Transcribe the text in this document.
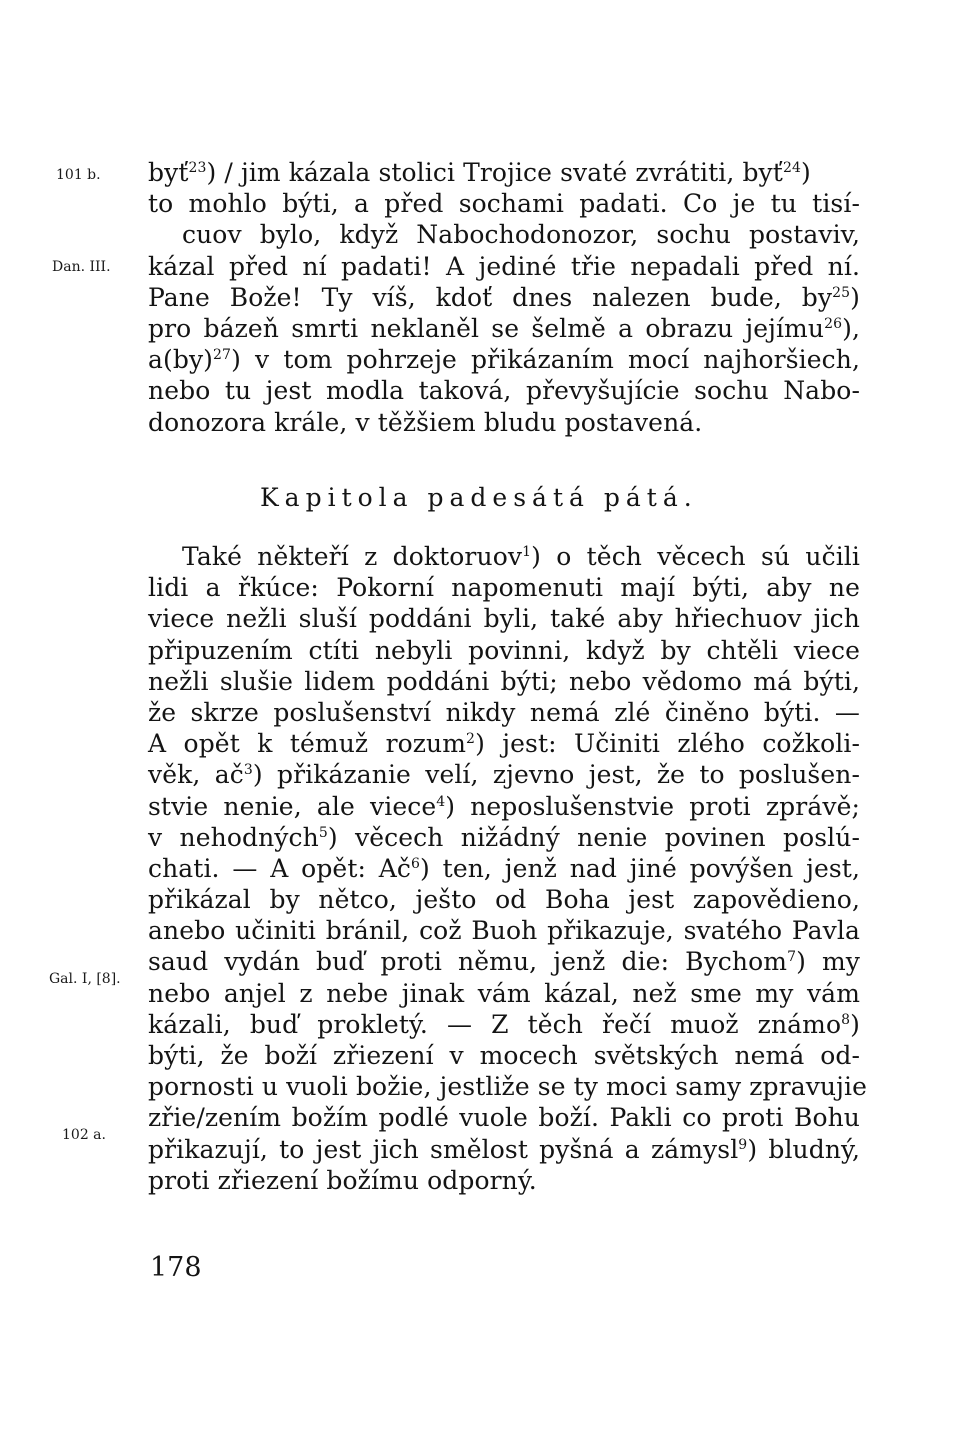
101 b.
Dan. III.
Gal. I, [8].
102 a.
byť$^{23}$) / jim kázala stolici Trojice svaté zvrátiti, byť$^{24}$)
to mohlo býti, a před sochami padati. Co je tu tisí-
cuov bylo, když Nabochodonozor, sochu postaviv,
kázal před ní padati! A jediné třie nepadali před ní.
Pane Bože! Ty víš, kdoť dnes nalezen bude, $by^{25}$)
pro bázeň smrti neklaněl se šelmě a obrazu jejímu$^{26}$),
a(by)$^{27}$) v tom pohrzeje přikázaním mocí najhoršiech,
nebo tu jest modla taková, převyšujície sochu Nabo-
donozora krále, v těžšiem bludu postavená.
Kapitola padesátá pátá.
Také někteří z doktoruov$^1$) o těch věcech sú učili
lidi a řkúce: Pokorní napomenuti mají býti, aby ne
viece nežli sluší poddáni byli, také aby hřiechuov jich
připuzením ctíti nebyli povinni, když by chtěli viece
nežli slušie lidem poddáni býti; nebo vědomo má býti,
že skrze poslušenství nikdy nemá zlé činěno býti. —
A opět k témuž rozum$^2$) jest: Učiniti zlého cožkoli-
věk, $ač^3$) přikázanie velí, zjevno jest, že to poslušen-
stvie nenie, ale viece$^4$) neposlušenstvie proti zprávě;
v nehodných$^5$) věcech nižádný nenie povinen poslú-
chati. — A opět: $Ač^6$) ten, jenž nad jiné povýšen jest,
přikázal by nětco, ješto od Boha jest zapovědieno,
anebo učiniti bránil, což Buoh přikazuje, svatého Pavla
saud vydán buď proti němu, jenž die: Bychom$^7$) my
nebo anjel z nebe jinak vám kázal, než sme my vám
kázali, buď prokletý. — Z těch řečí muož známo$^8$)
býti, že boží zřiezení v mocech světských nemá od-
pornosti u vuoli božie, jestliže se ty moci samy zpravujie
zřie/zením božím podlé vuole boží. Pakli co proti Bohu
přikazují, to jest jich smělost pyšná a zámysl$^9$) bludný,
proti zřiezení božímu odporný.
178
